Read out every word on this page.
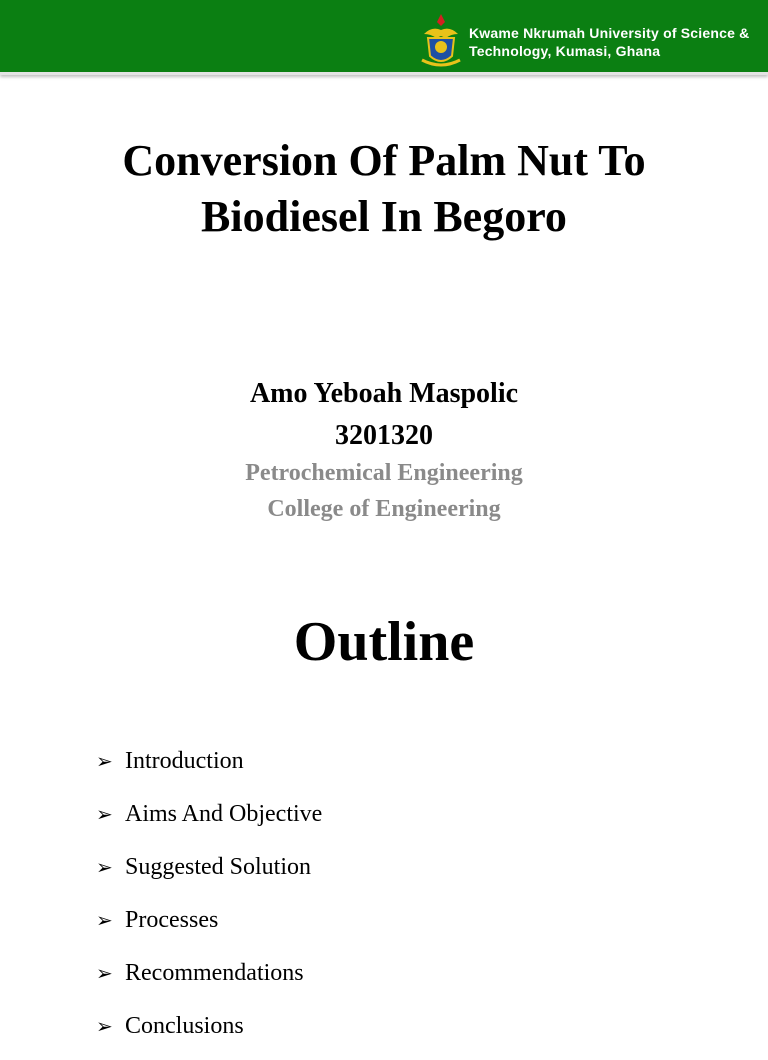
Kwame Nkrumah University of Science & Technology, Kumasi, Ghana
Conversion Of Palm Nut To Biodiesel In Begoro
Amo Yeboah Maspolic
3201320
Petrochemical Engineering
College of Engineering
Outline
➢ Introduction
➢ Aims And Objective
➢ Suggested Solution
➢ Processes
➢ Recommendations
➢ Conclusions
